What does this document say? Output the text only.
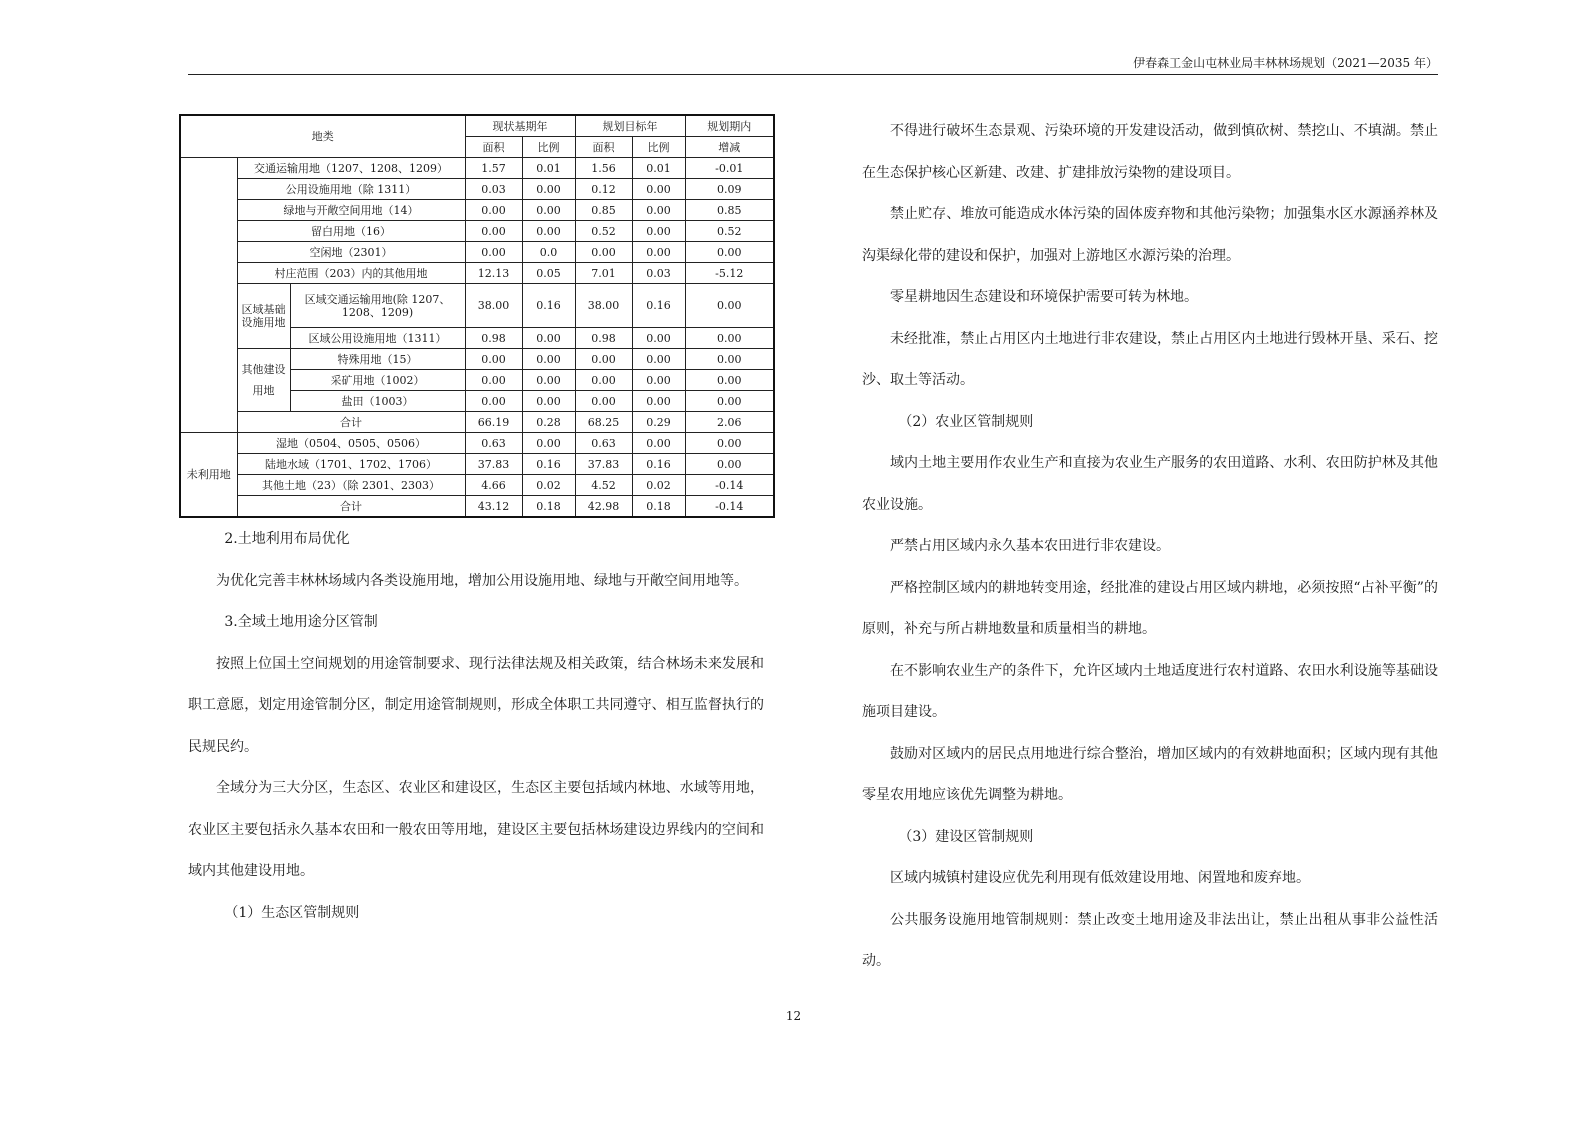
伊春森工金山屯林业局丰林林场规划（2021—2035 年）
地类			现状基期年		规划目标年		规划期内
			面积	比例	面积	比例	增减
	交通运输用地（1207、1208、1209）		1.57	0.01	1.56	0.01	-0.01
	公用设施用地（除 1311）		0.03	0.00	0.12	0.00	0.09
	绿地与开敞空间用地（14）		0.00	0.00	0.85	0.00	0.85
	留白用地（16）		0.00	0.00	0.52	0.00	0.52
	空闲地（2301）		0.00	0.0	0.00	0.00	0.00
	村庄范围（203）内的其他用地		12.13	0.05	7.01	0.03	-5.12
	区域基础设施用地	区域交通运输用地(除 1207、1208、1209)	38.00	0.16	38.00	0.16	0.00
		区域公用设施用地（1311）	0.98	0.00	0.98	0.00	0.00
	其他建设用地	特殊用地（15）	0.00	0.00	0.00	0.00	0.00
		采矿用地（1002）	0.00	0.00	0.00	0.00	0.00
		盐田（1003）	0.00	0.00	0.00	0.00	0.00
	合计		66.19	0.28	68.25	0.29	2.06
未利用地	湿地（0504、0505、0506）		0.63	0.00	0.63	0.00	0.00
	陆地水域（1701、1702、1706）		37.83	0.16	37.83	0.16	0.00
	其他土地（23）（除 2301、2303）		4.66	0.02	4.52	0.02	-0.14
	合计		43.12	0.18	42.98	0.18	-0.14

2.土地利用布局优化

为优化完善丰林林场域内各类设施用地，增加公用设施用地、绿地与开敞空间用地等。

3.全域土地用途分区管制

按照上位国土空间规划的用途管制要求、现行法律法规及相关政策，结合林场未来发展和职工意愿，划定用途管制分区，制定用途管制规则，形成全体职工共同遵守、相互监督执行的民规民约。

全域分为三大分区，生态区、农业区和建设区，生态区主要包括域内林地、水域等用地，农业区主要包括永久基本农田和一般农田等用地，建设区主要包括林场建设边界线内的空间和域内其他建设用地。

（1）生态区管制规则

不得进行破坏生态景观、污染环境的开发建设活动，做到慎砍树、禁挖山、不填湖。禁止在生态保护核心区新建、改建、扩建排放污染物的建设项目。

禁止贮存、堆放可能造成水体污染的固体废弃物和其他污染物；加强集水区水源涵养林及沟渠绿化带的建设和保护，加强对上游地区水源污染的治理。

零星耕地因生态建设和环境保护需要可转为林地。

未经批准，禁止占用区内土地进行非农建设，禁止占用区内土地进行毁林开垦、采石、挖沙、取土等活动。

（2）农业区管制规则

域内土地主要用作农业生产和直接为农业生产服务的农田道路、水利、农田防护林及其他农业设施。

严禁占用区域内永久基本农田进行非农建设。

严格控制区域内的耕地转变用途，经批准的建设占用区域内耕地，必须按照“占补平衡”的原则，补充与所占耕地数量和质量相当的耕地。

在不影响农业生产的条件下，允许区域内土地适度进行农村道路、农田水利设施等基础设施项目建设。

鼓励对区域内的居民点用地进行综合整治，增加区域内的有效耕地面积；区域内现有其他零星农用地应该优先调整为耕地。

（3）建设区管制规则

区域内城镇村建设应优先利用现有低效建设用地、闲置地和废弃地。

公共服务设施用地管制规则：禁止改变土地用途及非法出让，禁止出租从事非公益性活动。

12
